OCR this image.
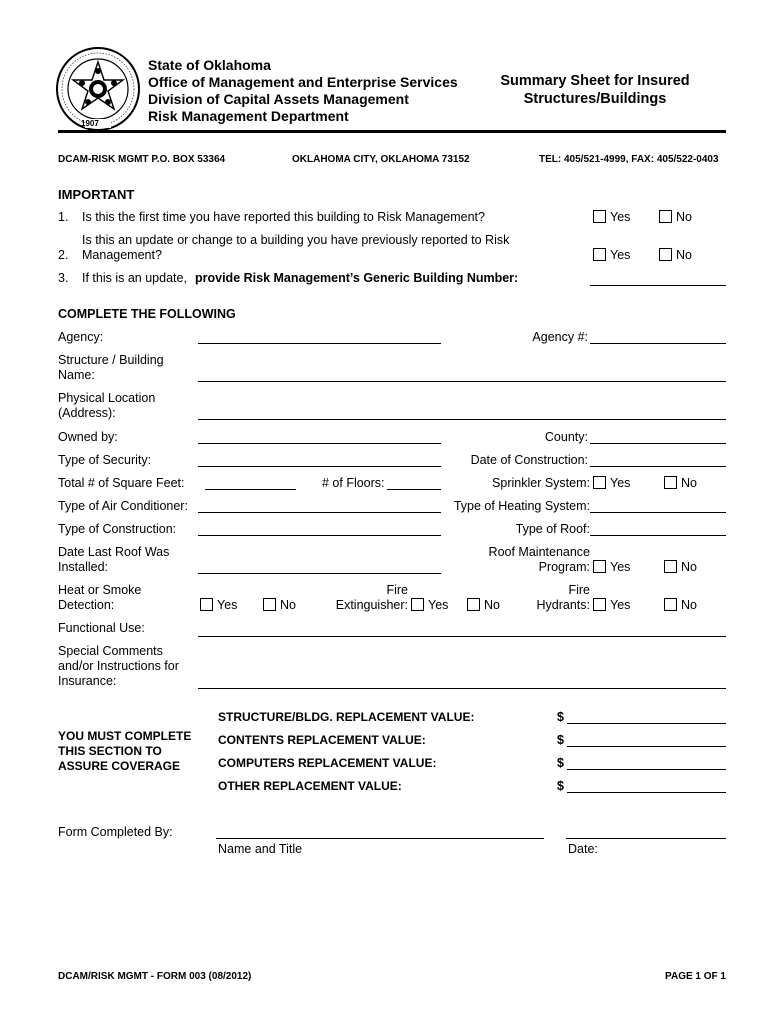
1907
State of Oklahoma
Office of Management and Enterprise Services
Division of Capital Assets Management
Risk Management Department
Summary Sheet for Insured
Structures/Buildings
DCAM-RISK MGMT P.O. BOX 53364	OKLAHOMA CITY, OKLAHOMA 73152	TEL: 405/521-4999, FAX: 405/522-0403
IMPORTANT
1. Is this the first time you have reported this building to Risk Management?	Yes	No
Is this an update or change to a building you have previously reported to Risk
2. Management?	Yes	No
3. If this is an update, provide Risk Management’s Generic Building Number:
COMPLETE THE FOLLOWING
Agency:	Agency #:
Structure / Building
Name:
Physical Location
(Address):
Owned by:	County:
Type of Security:	Date of Construction:
Total # of Square Feet:	# of Floors:	Sprinkler System: Yes	No
Type of Air Conditioner:	Type of Heating System:
Type of Construction:	Type of Roof:
Date Last Roof Was
Installed:
Roof Maintenance
Program: Yes	No
Heat or Smoke
Detection:	Yes	No
Fire
Extinguisher: Yes	No
Fire
Hydrants: Yes	No
Functional Use:
Special Comments
and/or Instructions for
Insurance:
YOU MUST COMPLETE
THIS SECTION TO
ASSURE COVERAGE
STRUCTURE/BLDG. REPLACEMENT VALUE:	$
CONTENTS REPLACEMENT VALUE:	$
COMPUTERS REPLACEMENT VALUE:	$
OTHER REPLACEMENT VALUE:	$
Form Completed By:
Name and Title	Date:
DCAM/RISK MGMT - FORM 003 (08/2012)	PAGE 1 OF 1
